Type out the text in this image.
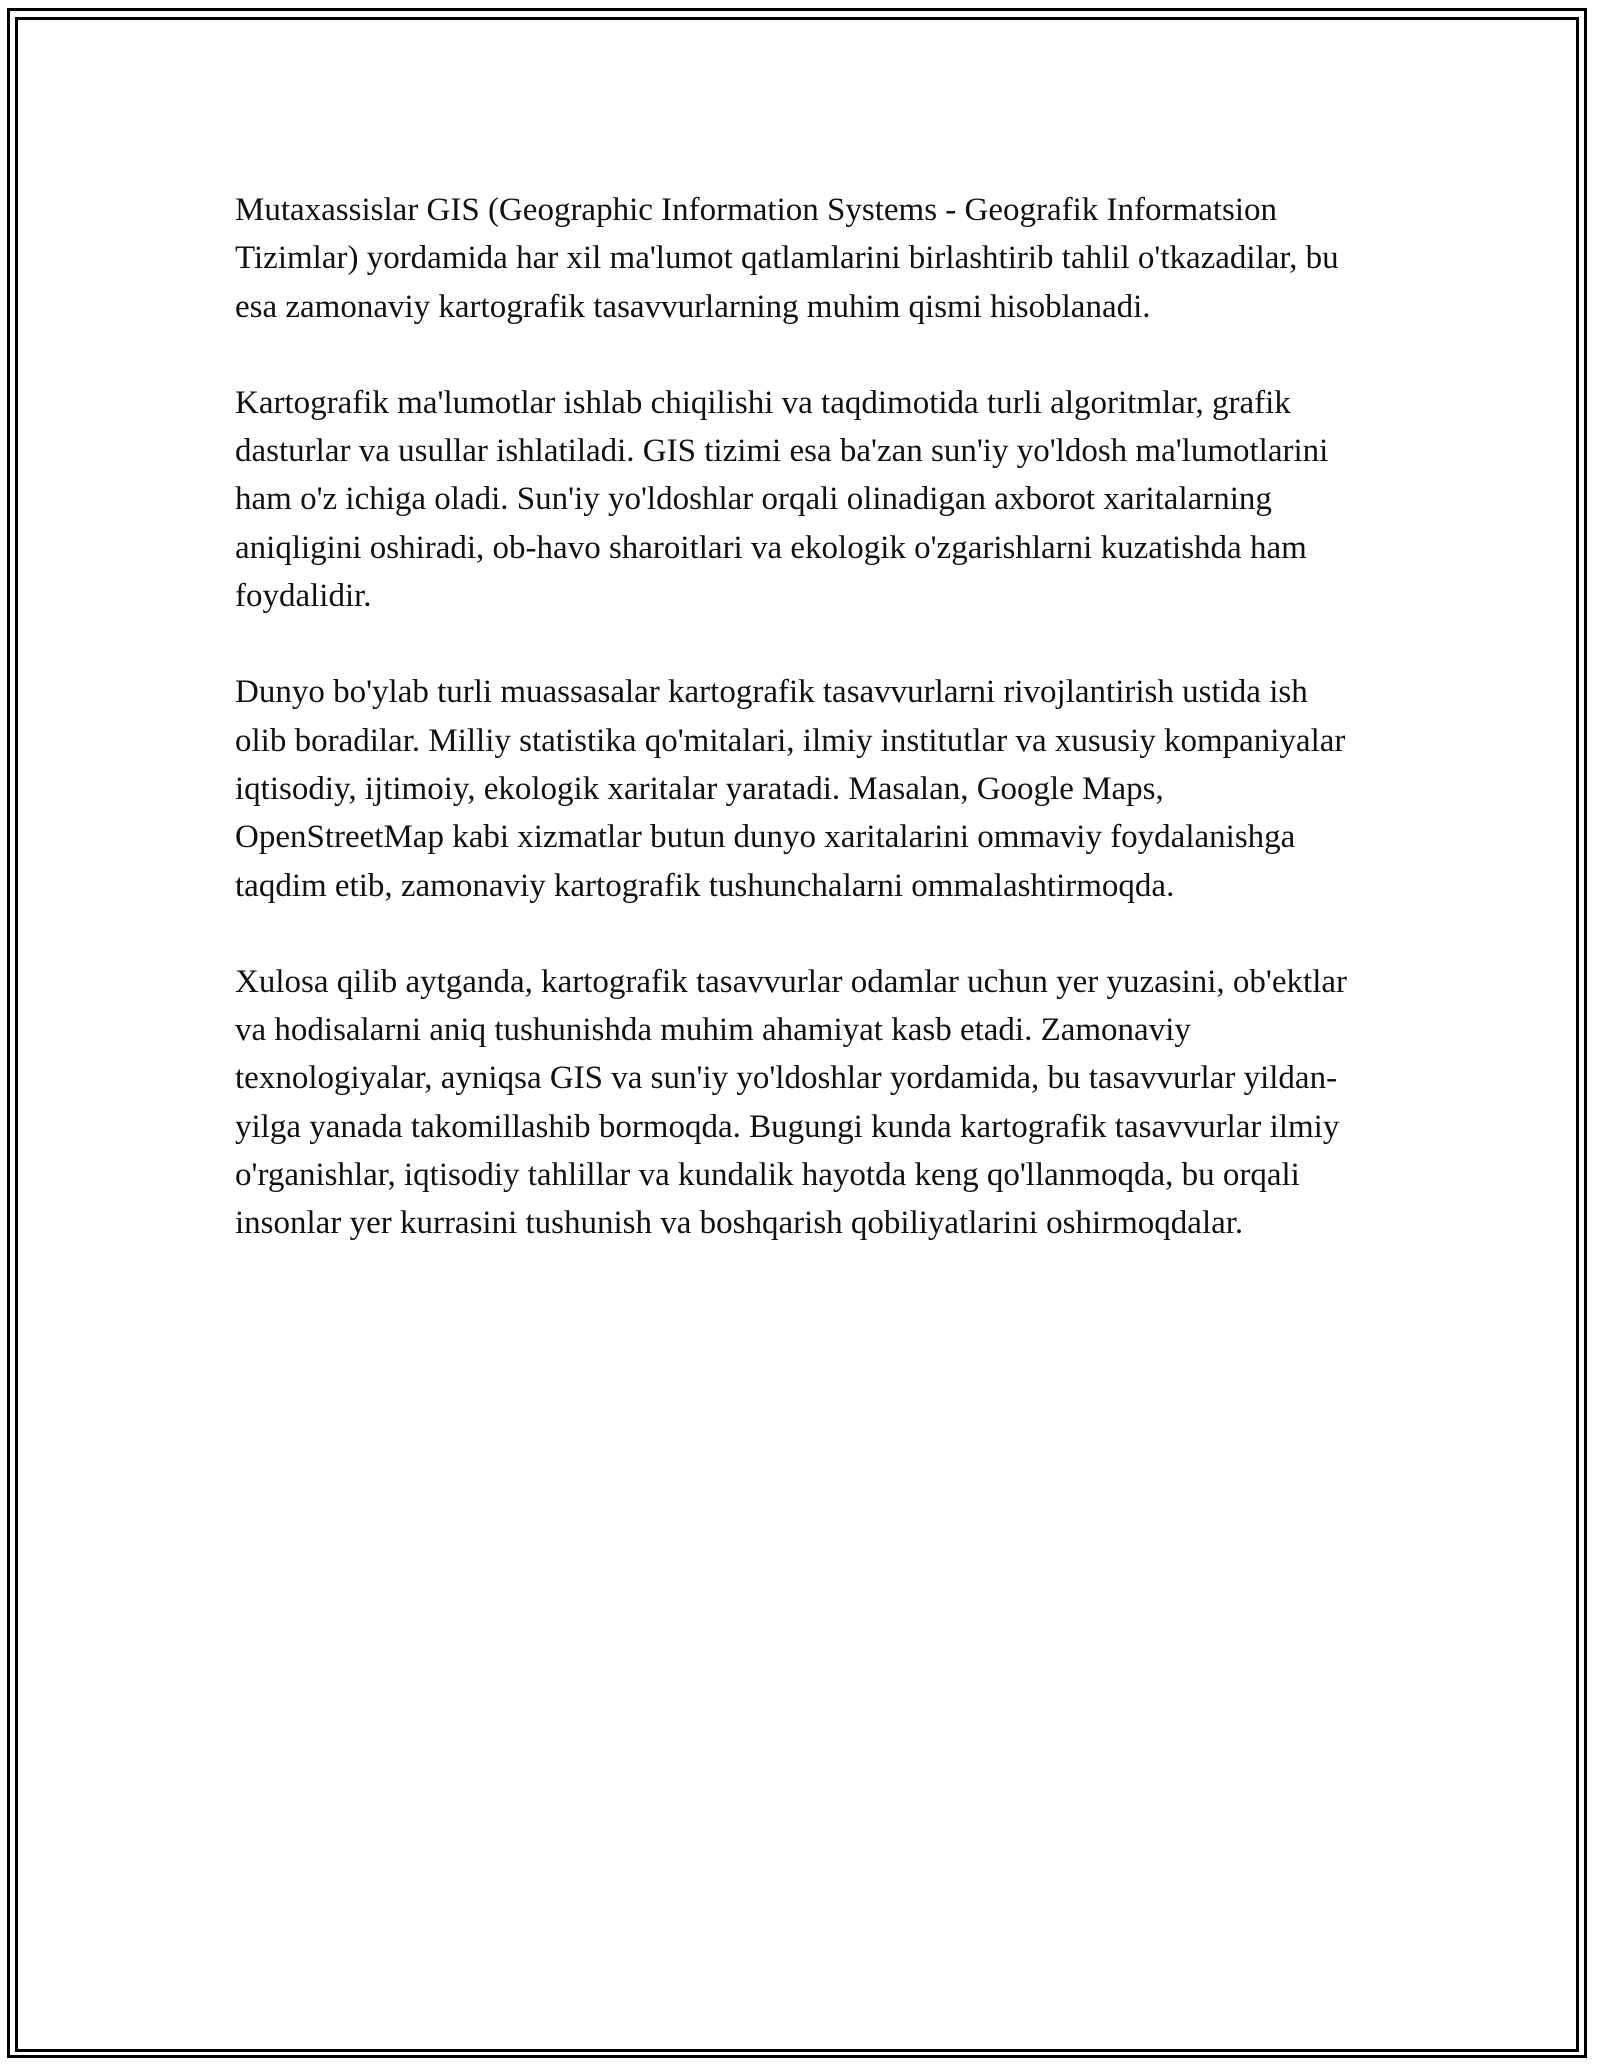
Mutaxassislar GIS (Geographic Information Systems - Geografik Informatsion Tizimlar) yordamida har xil ma'lumot qatlamlarini birlashtirib tahlil o'tkazadilar, bu esa zamonaviy kartografik tasavvurlarning muhim qismi hisoblanadi.

Kartografik ma'lumotlar ishlab chiqilishi va taqdimotida turli algoritmlar, grafik dasturlar va usullar ishlatiladi. GIS tizimi esa ba'zan sun'iy yo'ldosh ma'lumotlarini ham o'z ichiga oladi. Sun'iy yo'ldoshlar orqali olinadigan axborot xaritalarning aniqligini oshiradi, ob-havo sharoitlari va ekologik o'zgarishlarni kuzatishda ham foydalidir.

Dunyo bo'ylab turli muassasalar kartografik tasavvurlarni rivojlantirish ustida ish olib boradilar. Milliy statistika qo'mitalari, ilmiy institutlar va xususiy kompaniyalar iqtisodiy, ijtimoiy, ekologik xaritalar yaratadi. Masalan, Google Maps, OpenStreetMap kabi xizmatlar butun dunyo xaritalarini ommaviy foydalanishga taqdim etib, zamonaviy kartografik tushunchalarni ommalashtirmoqda.

Xulosa qilib aytganda, kartografik tasavvurlar odamlar uchun yer yuzasini, ob'ektlar va hodisalarni aniq tushunishda muhim ahamiyat kasb etadi. Zamonaviy texnologiyalar, ayniqsa GIS va sun'iy yo'ldoshlar yordamida, bu tasavvurlar yildan-yilga yanada takomillashib bormoqda. Bugungi kunda kartografik tasavvurlar ilmiy o'rganishlar, iqtisodiy tahlillar va kundalik hayotda keng qo'llanmoqda, bu orqali insonlar yer kurrasini tushunish va boshqarish qobiliyatlarini oshirmoqdalar.
